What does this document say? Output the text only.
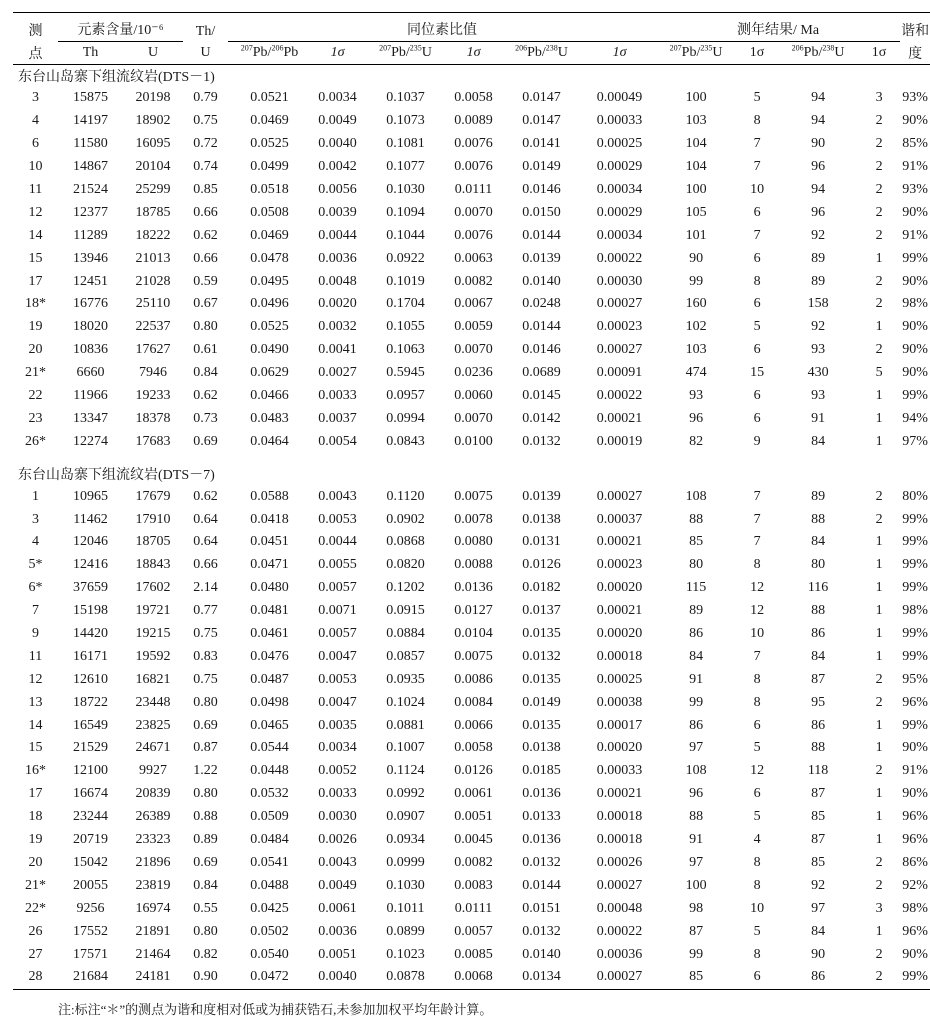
测	元素含量/10⁻⁶		Th/	同位素比值						测年结果/ Ma				谐和
点	Th	U	U	$^{207}$Pb/$^{206}$Pb	1σ	$^{207}$Pb/$^{235}$U	1σ	$^{206}$Pb/$^{238}$U	1σ	$^{207}$Pb/$^{235}$U	1σ	$^{206}$Pb/$^{238}$U	1σ	度
东台山岛寨下组流纹岩(DTS－1)														
3	15875	20198	0.79	0.0521	0.0034	0.1037	0.0058	0.0147	0.00049	100	5	94	3	93%
4	14197	18902	0.75	0.0469	0.0049	0.1073	0.0089	0.0147	0.00033	103	8	94	2	90%
6	11580	16095	0.72	0.0525	0.0040	0.1081	0.0076	0.0141	0.00025	104	7	90	2	85%
10	14867	20104	0.74	0.0499	0.0042	0.1077	0.0076	0.0149	0.00029	104	7	96	2	91%
11	21524	25299	0.85	0.0518	0.0056	0.1030	0.0111	0.0146	0.00034	100	10	94	2	93%
12	12377	18785	0.66	0.0508	0.0039	0.1094	0.0070	0.0150	0.00029	105	6	96	2	90%
14	11289	18222	0.62	0.0469	0.0044	0.1044	0.0076	0.0144	0.00034	101	7	92	2	91%
15	13946	21013	0.66	0.0478	0.0036	0.0922	0.0063	0.0139	0.00022	90	6	89	1	99%
17	12451	21028	0.59	0.0495	0.0048	0.1019	0.0082	0.0140	0.00030	99	8	89	2	90%
18*	16776	25110	0.67	0.0496	0.0020	0.1704	0.0067	0.0248	0.00027	160	6	158	2	98%
19	18020	22537	0.80	0.0525	0.0032	0.1055	0.0059	0.0144	0.00023	102	5	92	1	90%
20	10836	17627	0.61	0.0490	0.0041	0.1063	0.0070	0.0146	0.00027	103	6	93	2	90%
21*	6660	7946	0.84	0.0629	0.0027	0.5945	0.0236	0.0689	0.00091	474	15	430	5	90%
22	11966	19233	0.62	0.0466	0.0033	0.0957	0.0060	0.0145	0.00022	93	6	93	1	99%
23	13347	18378	0.73	0.0483	0.0037	0.0994	0.0070	0.0142	0.00021	96	6	91	1	94%
26*	12274	17683	0.69	0.0464	0.0054	0.0843	0.0100	0.0132	0.00019	82	9	84	1	97%

东台山岛寨下组流纹岩(DTS－7)														
1	10965	17679	0.62	0.0588	0.0043	0.1120	0.0075	0.0139	0.00027	108	7	89	2	80%
3	11462	17910	0.64	0.0418	0.0053	0.0902	0.0078	0.0138	0.00037	88	7	88	2	99%
4	12046	18705	0.64	0.0451	0.0044	0.0868	0.0080	0.0131	0.00021	85	7	84	1	99%
5*	12416	18843	0.66	0.0471	0.0055	0.0820	0.0088	0.0126	0.00023	80	8	80	1	99%
6*	37659	17602	2.14	0.0480	0.0057	0.1202	0.0136	0.0182	0.00020	115	12	116	1	99%
7	15198	19721	0.77	0.0481	0.0071	0.0915	0.0127	0.0137	0.00021	89	12	88	1	98%
9	14420	19215	0.75	0.0461	0.0057	0.0884	0.0104	0.0135	0.00020	86	10	86	1	99%
11	16171	19592	0.83	0.0476	0.0047	0.0857	0.0075	0.0132	0.00018	84	7	84	1	99%
12	12610	16821	0.75	0.0487	0.0053	0.0935	0.0086	0.0135	0.00025	91	8	87	2	95%
13	18722	23448	0.80	0.0498	0.0047	0.1024	0.0084	0.0149	0.00038	99	8	95	2	96%
14	16549	23825	0.69	0.0465	0.0035	0.0881	0.0066	0.0135	0.00017	86	6	86	1	99%
15	21529	24671	0.87	0.0544	0.0034	0.1007	0.0058	0.0138	0.00020	97	5	88	1	90%
16*	12100	9927	1.22	0.0448	0.0052	0.1124	0.0126	0.0185	0.00033	108	12	118	2	91%
17	16674	20839	0.80	0.0532	0.0033	0.0992	0.0061	0.0136	0.00021	96	6	87	1	90%
18	23244	26389	0.88	0.0509	0.0030	0.0907	0.0051	0.0133	0.00018	88	5	85	1	96%
19	20719	23323	0.89	0.0484	0.0026	0.0934	0.0045	0.0136	0.00018	91	4	87	1	96%
20	15042	21896	0.69	0.0541	0.0043	0.0999	0.0082	0.0132	0.00026	97	8	85	2	86%
21*	20055	23819	0.84	0.0488	0.0049	0.1030	0.0083	0.0144	0.00027	100	8	92	2	92%
22*	9256	16974	0.55	0.0425	0.0061	0.1011	0.0111	0.0151	0.00048	98	10	97	3	98%
26	17552	21891	0.80	0.0502	0.0036	0.0899	0.0057	0.0132	0.00022	87	5	84	1	96%
27	17571	21464	0.82	0.0540	0.0051	0.1023	0.0085	0.0140	0.00036	99	8	90	2	90%
28	21684	24181	0.90	0.0472	0.0040	0.0878	0.0068	0.0134	0.00027	85	6	86	2	99%

注:标注“＊”的测点为谐和度相对低或为捕获锆石,未参加加权平均年龄计算。
